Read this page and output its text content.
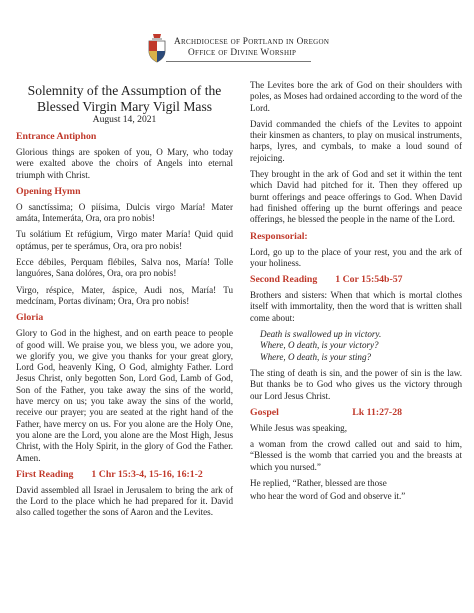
Archdiocese of Portland in Oregon
Office of Divine Worship
Solemnity of the Assumption of the
Blessed Virgin Mary Vigil Mass
August 14, 2021
Entrance Antiphon

Glorious things are spoken of you, O Mary, who today were exalted above the choirs of Angels into eternal triumph with Christ.

Opening Hymn

O sanctíssima; O piísima, Dulcis virgo María! Mater amáta, Intemeráta, Ora, ora pro nobis!

Tu solátium Et refúgium, Virgo mater María! Quid quid optámus, per te sperámus, Ora, ora pro nobis!

Ecce débiles, Perquam flébiles, Salva nos, María! Tolle languóres, Sana dolóres, Ora, ora pro nobis!

Virgo, réspice, Mater, áspice, Audi nos, María! Tu medcínam, Portas divínam; Ora, Ora pro nobis!

Gloria

Glory to God in the highest, and on earth peace to people of good will. We praise you, we bless you, we adore you, we glorify you, we give you thanks for your great glory, Lord God, heavenly King, O God, almighty Father. Lord Jesus Christ, only begotten Son, Lord God, Lamb of God, Son of the Father, you take away the sins of the world, have mercy on us; you take away the sins of the world, receive our prayer; you are seated at the right hand of the Father, have mercy on us. For you alone are the Holy One, you alone are the Lord, you alone are the Most High, Jesus Christ, with the Holy Spirit, in the glory of God the Father. Amen.

First Reading 1 Chr 15:3-4, 15-16, 16:1-2

David assembled all Israel in Jerusalem to bring the ark of the Lord to the place which he had prepared for it. David also called together the sons of Aaron and the Levites.

The Levites bore the ark of God on their shoulders with poles, as Moses had ordained according to the word of the Lord.

David commanded the chiefs of the Levites to appoint their kinsmen as chanters, to play on musical instruments, harps, lyres, and cymbals, to make a loud sound of rejoicing.

They brought in the ark of God and set it within the tent which David had pitched for it. Then they offered up burnt offerings and peace offerings to God. When David had finished offering up the burnt offerings and peace offerings, he blessed the people in the name of the Lord.

Responsorial:

Lord, go up to the place of your rest, you and the ark of your holiness.

Second Reading 1 Cor 15:54b-57

Brothers and sisters: When that which is mortal clothes itself with immortality, then the word that is written shall come about:

Death is swallowed up in victory.

Where, O death, is your victory?

Where, O death, is your sting?

The sting of death is sin, and the power of sin is the law. But thanks be to God who gives us the victory through our Lord Jesus Christ.

Gospel	Lk 11:27-28

While Jesus was speaking,

a woman from the crowd called out and said to him, “Blessed is the womb that carried you and the breasts at which you nursed.”

He replied, “Rather, blessed are those

who hear the word of God and observe it.”
